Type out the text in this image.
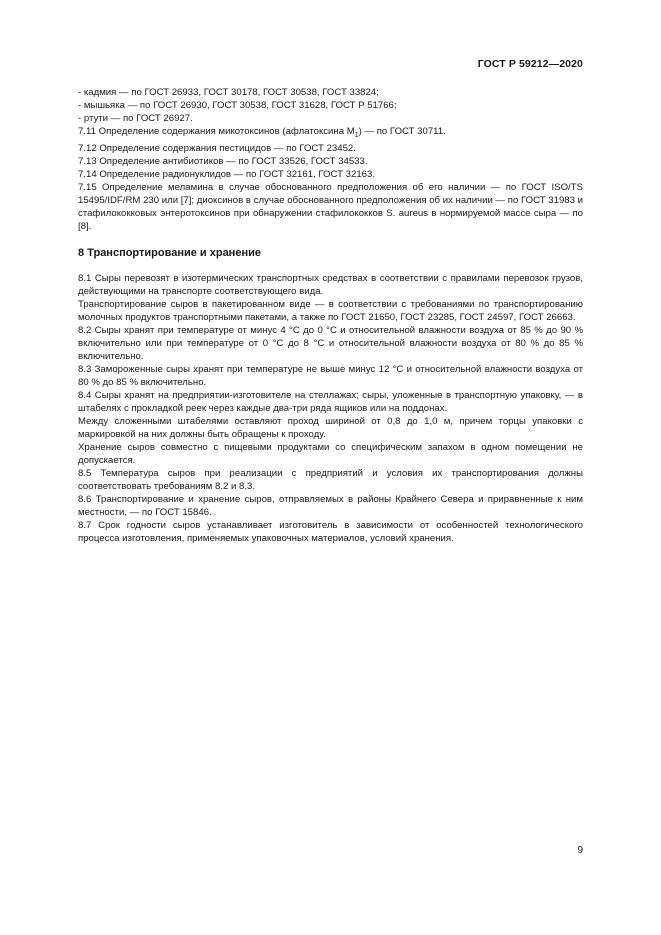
ГОСТ Р 59212—2020

- кадмия — по ГОСТ 26933, ГОСТ 30178, ГОСТ 30538, ГОСТ 33824;

- мышьяка — по ГОСТ 26930, ГОСТ 30538, ГОСТ 31628, ГОСТ Р 51766;

- ртути — по ГОСТ 26927.

7.11 Определение содержания микотоксинов (афлатоксина $М_1$) — по ГОСТ 30711.

7.12 Определение содержания пестицидов — по ГОСТ 23452.

7.13 Определение антибиотиков — по ГОСТ 33526, ГОСТ 34533.

7.14 Определение радионуклидов — по ГОСТ 32161, ГОСТ 32163.

7.15 Определение меламина в случае обоснованного предположения об его наличии — по ГОСТ ISO/TS 15495/IDF/RM 230 или [7]; диоксинов в случае обоснованного предположения об их наличии — по ГОСТ 31983 и стафилококковых энтеротоксинов при обнаружении стафилококков S. aureus в нормируемой массе сыра — по [8].

8 Транспортирование и хранение

8.1 Сыры перевозят в изотермических транспортных средствах в соответствии с правилами перевозок грузов, действующими на транспорте соответствующего вида.

Транспортирование сыров в пакетированном виде — в соответствии с требованиями по транспортированию молочных продуктов транспортными пакетами, а также по ГОСТ 21650, ГОСТ 23285, ГОСТ 24597, ГОСТ 26663.

8.2 Сыры хранят при температуре от минус 4 °С до 0 °С и относительной влажности воздуха от 85 % до 90 % включительно или при температуре от 0 °С до 8 °С и относительной влажности воздуха от 80 % до 85 % включительно.

8.3 Замороженные сыры хранят при температуре не выше минус 12 °С и относительной влажности воздуха от 80 % до 85 % включительно.

8.4 Сыры хранят на предприятии-изготовителе на стеллажах; сыры, уложенные в транспортную упаковку, — в штабелях с прокладкой реек через каждые два-три ряда ящиков или на поддонах.

Между сложенными штабелями оставляют проход шириной от 0,8 до 1,0 м, причем торцы упаковки с маркировкой на них должны быть обращены к проходу.

Хранение сыров совместно с пищевыми продуктами со специфическим запахом в одном помещении не допускается.

8.5 Температура сыров при реализации с предприятий и условия их транспортирования должны соответствовать требованиям 8.2 и 8.3.

8.6 Транспортирование и хранение сыров, отправляемых в районы Крайнего Севера и приравненные к ним местности, — по ГОСТ 15846.

8.7 Срок годности сыров устанавливает изготовитель в зависимости от особенностей технологического процесса изготовления, применяемых упаковочных материалов, условий хранения.

9
